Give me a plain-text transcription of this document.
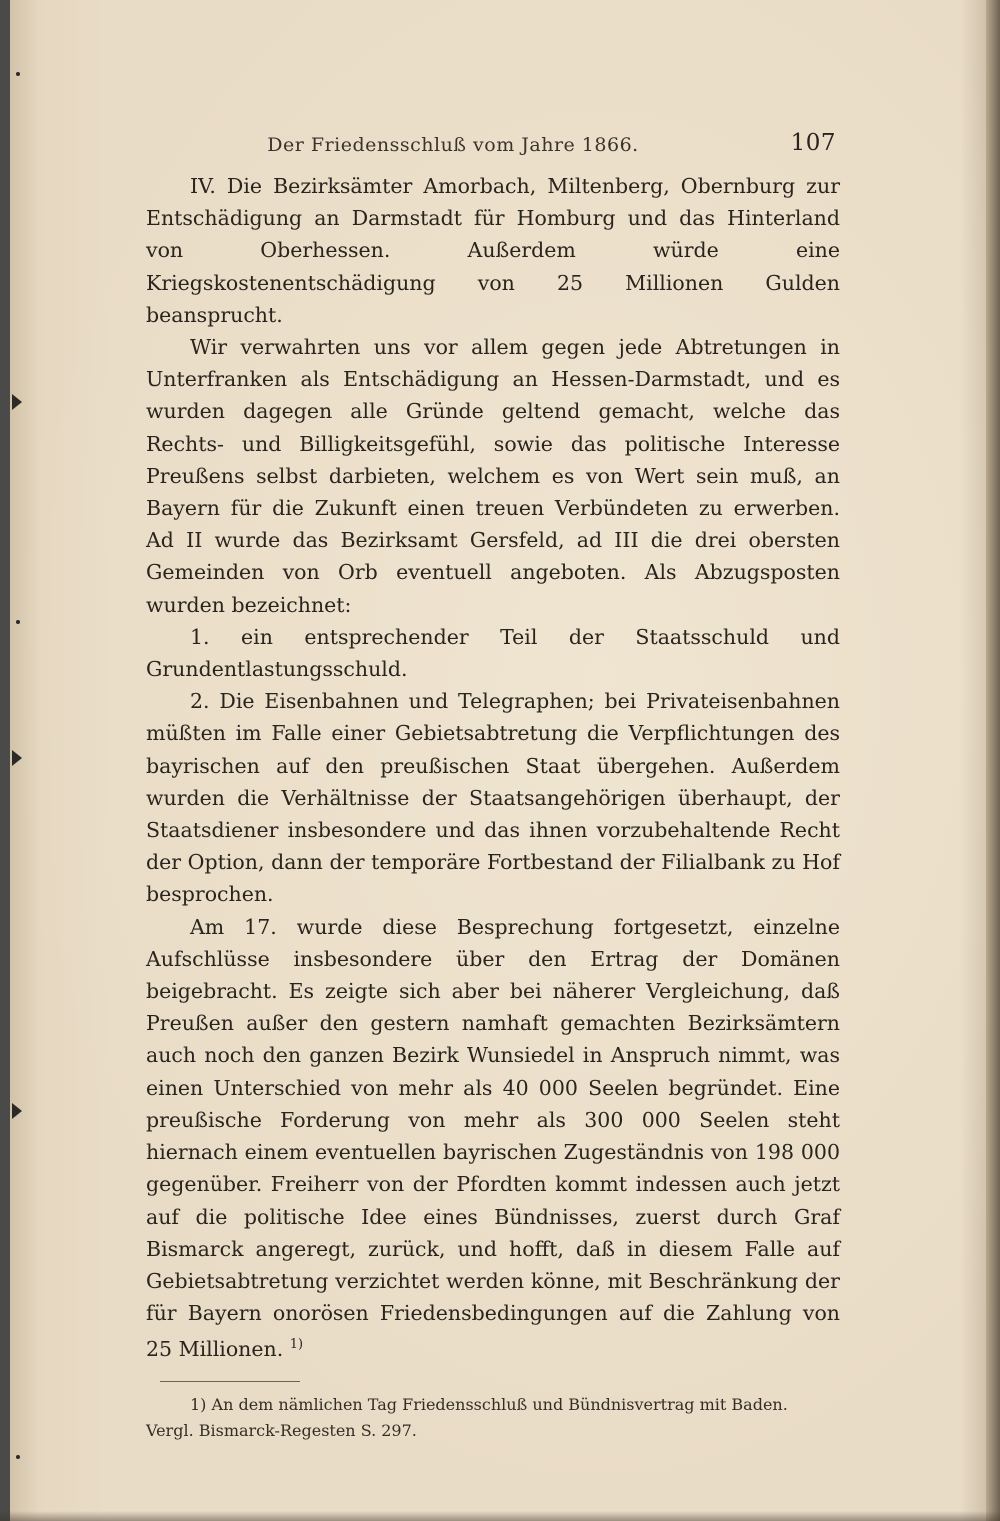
Der Friedensschluß vom Jahre 1866.	107

IV. Die Bezirksämter Amorbach, Miltenberg, Obernburg zur Entschädigung an Darmstadt für Homburg und das Hinterland von Oberhessen. Außerdem würde eine Kriegskostenentschädigung von 25 Millionen Gulden beansprucht.

Wir verwahrten uns vor allem gegen jede Abtretungen in Unterfranken als Entschädigung an Hessen-Darmstadt, und es wurden dagegen alle Gründe geltend gemacht, welche das Rechts- und Billigkeitsgefühl, sowie das politische Interesse Preußens selbst darbieten, welchem es von Wert sein muß, an Bayern für die Zukunft einen treuen Verbündeten zu erwerben. Ad II wurde das Bezirksamt Gersfeld, ad III die drei obersten Gemeinden von Orb eventuell angeboten. Als Abzugsposten wurden bezeichnet:

1. ein entsprechender Teil der Staatsschuld und Grundentlastungsschuld.

2. Die Eisenbahnen und Telegraphen; bei Privateisenbahnen müßten im Falle einer Gebietsabtretung die Verpflichtungen des bayrischen auf den preußischen Staat übergehen. Außerdem wurden die Verhältnisse der Staatsangehörigen überhaupt, der Staatsdiener insbesondere und das ihnen vorzubehaltende Recht der Option, dann der temporäre Fortbestand der Filialbank zu Hof besprochen.

Am 17. wurde diese Besprechung fortgesetzt, einzelne Aufschlüsse insbesondere über den Ertrag der Domänen beigebracht. Es zeigte sich aber bei näherer Vergleichung, daß Preußen außer den gestern namhaft gemachten Bezirksämtern auch noch den ganzen Bezirk Wunsiedel in Anspruch nimmt, was einen Unterschied von mehr als 40 000 Seelen begründet. Eine preußische Forderung von mehr als 300 000 Seelen steht hiernach einem eventuellen bayrischen Zugeständnis von 198 000 gegenüber. Freiherr von der Pfordten kommt indessen auch jetzt auf die politische Idee eines Bündnisses, zuerst durch Graf Bismarck angeregt, zurück, und hofft, daß in diesem Falle auf Gebietsabtretung verzichtet werden könne, mit Beschränkung der für Bayern onorösen Friedensbedingungen auf die Zahlung von 25 Millionen. $^{1)}$

1) An dem nämlichen Tag Friedensschluß und Bündnisvertrag mit Baden. Vergl. Bismarck-Regesten S. 297.
